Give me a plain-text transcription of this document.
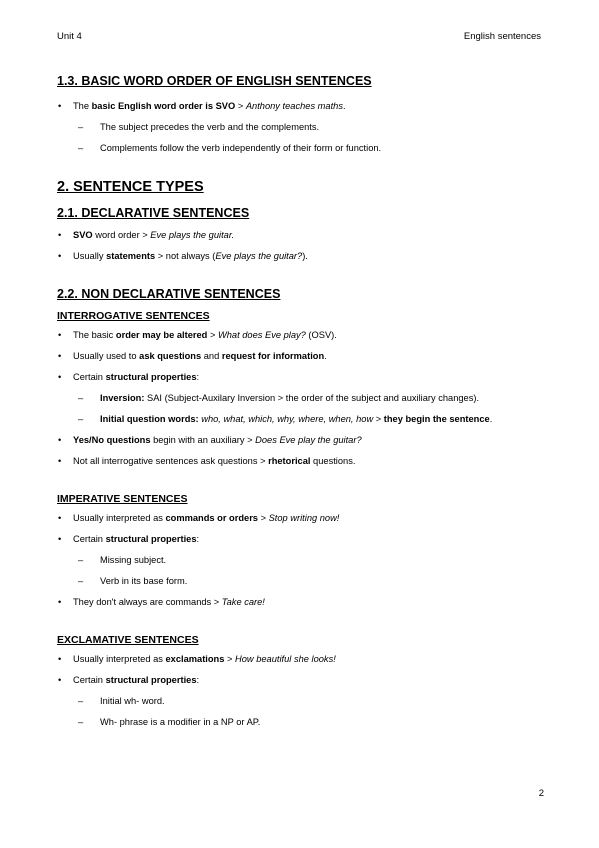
Unit 4	English sentences
1.3. BASIC WORD ORDER OF ENGLISH SENTENCES
• The basic English word order is SVO > Anthony teaches maths.
– The subject precedes the verb and the complements.
– Complements follow the verb independently of their form or function.
2. SENTENCE TYPES
2.1. DECLARATIVE SENTENCES
• SVO word order > Eve plays the guitar.
• Usually statements > not always (Eve plays the guitar?).
2.2. NON DECLARATIVE SENTENCES
INTERROGATIVE SENTENCES
• The basic order may be altered > What does Eve play? (OSV).
• Usually used to ask questions and request for information.
• Certain structural properties:
– Inversion: SAI (Subject-Auxilary Inversion > the order of the subject and auxiliary changes).
– Initial question words: who, what, which, why, where, when, how > they begin the sentence.
• Yes/No questions begin with an auxiliary > Does Eve play the guitar?
• Not all interrogative sentences ask questions > rhetorical questions.
IMPERATIVE SENTENCES
• Usually interpreted as commands or orders > Stop writing now!
• Certain structural properties:
– Missing subject.
– Verb in its base form.
• They don't always are commands > Take care!
EXCLAMATIVE SENTENCES
• Usually interpreted as exclamations > How beautiful she looks!
• Certain structural properties:
– Initial wh- word.
– Wh- phrase is a modifier in a NP or AP.
2
